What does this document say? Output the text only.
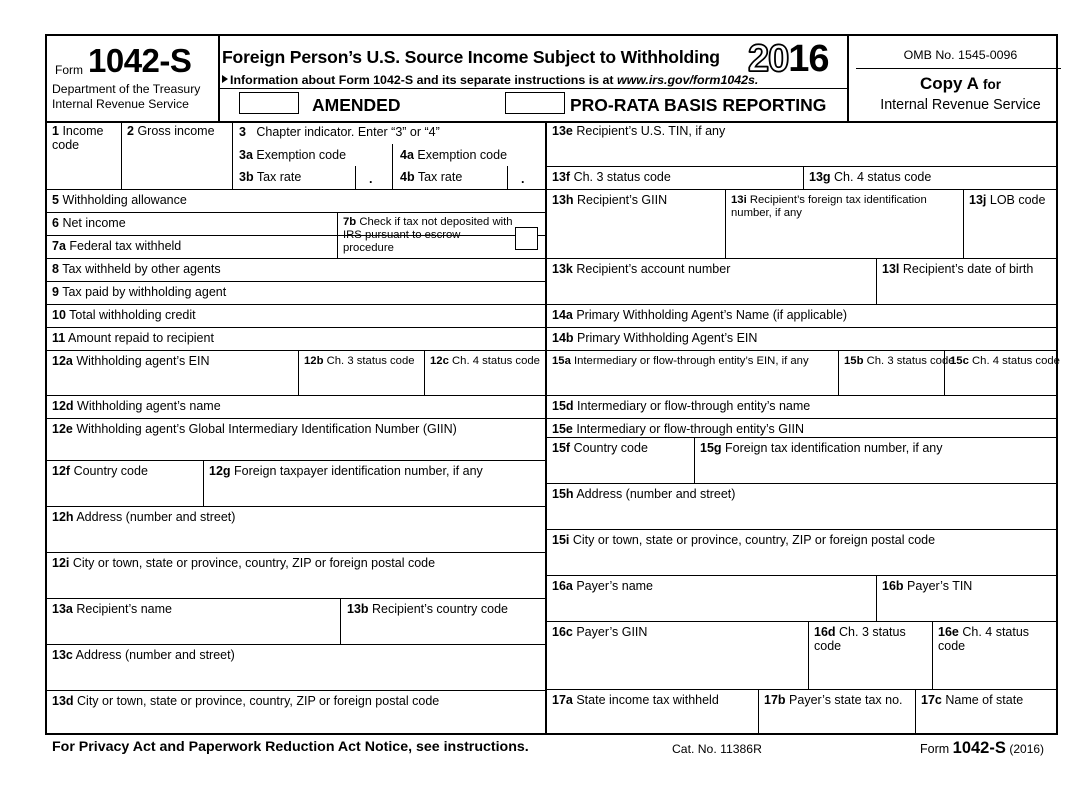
Form 1042-S
Department of the Treasury
Internal Revenue Service
Foreign Person’s U.S. Source Income Subject to Withholding
Information about Form 1042-S and its separate instructions is at www.irs.gov/form1042s.
2016	OMB No. 1545-0096
Copy A for
Internal Revenue Service
AMENDED	PRO-RATA BASIS REPORTING
1 Income code
2 Gross income 3 Chapter indicator. Enter “3” or “4”
3a Exemption code	4a Exemption code
3b Tax rate	. 4b Tax rate	.
5 Withholding allowance
6 Net income
7a Federal tax withheld
7b Check if tax not deposited with IRS pursuant to escrow procedure
8 Tax withheld by other agents
9 Tax paid by withholding agent
10 Total withholding credit
11 Amount repaid to recipient
12a Withholding agent’s EIN	12b Ch. 3 status code 12c Ch. 4 status code
12d Withholding agent’s name
12e Withholding agent’s Global Intermediary Identification Number (GIIN)
12f Country code	12g Foreign taxpayer identification number, if any
12h Address (number and street)
12i City or town, state or province, country, ZIP or foreign postal code
13a Recipient’s name	13b Recipient’s country code
13c Address (number and street)
13d City or town, state or province, country, ZIP or foreign postal code
13e Recipient’s U.S. TIN, if any
13f Ch. 3 status code	13g Ch. 4 status code
13h Recipient’s GIIN	13i Recipient’s foreign tax identification number, if any
13j LOB code
13k Recipient’s account number	13l Recipient’s date of birth
14a Primary Withholding Agent’s Name (if applicable)
14b Primary Withholding Agent’s EIN
15a Intermediary or flow-through entity’s EIN, if any	15b Ch. 3 status code
15c Ch. 4 status code
15d Intermediary or flow-through entity’s name
15e Intermediary or flow-through entity’s GIIN
15f Country code	15g Foreign tax identification number, if any
15h Address (number and street)
15i City or town, state or province, country, ZIP or foreign postal code
16a Payer’s name	16b Payer’s TIN
16c Payer’s GIIN	16d Ch. 3 status code
16e Ch. 4 status code
17a State income tax withheld	17b Payer’s state tax no. 17c Name of state
For Privacy Act and Paperwork Reduction Act Notice, see instructions.	Cat. No. 11386R	Form 1042-S (2016)
